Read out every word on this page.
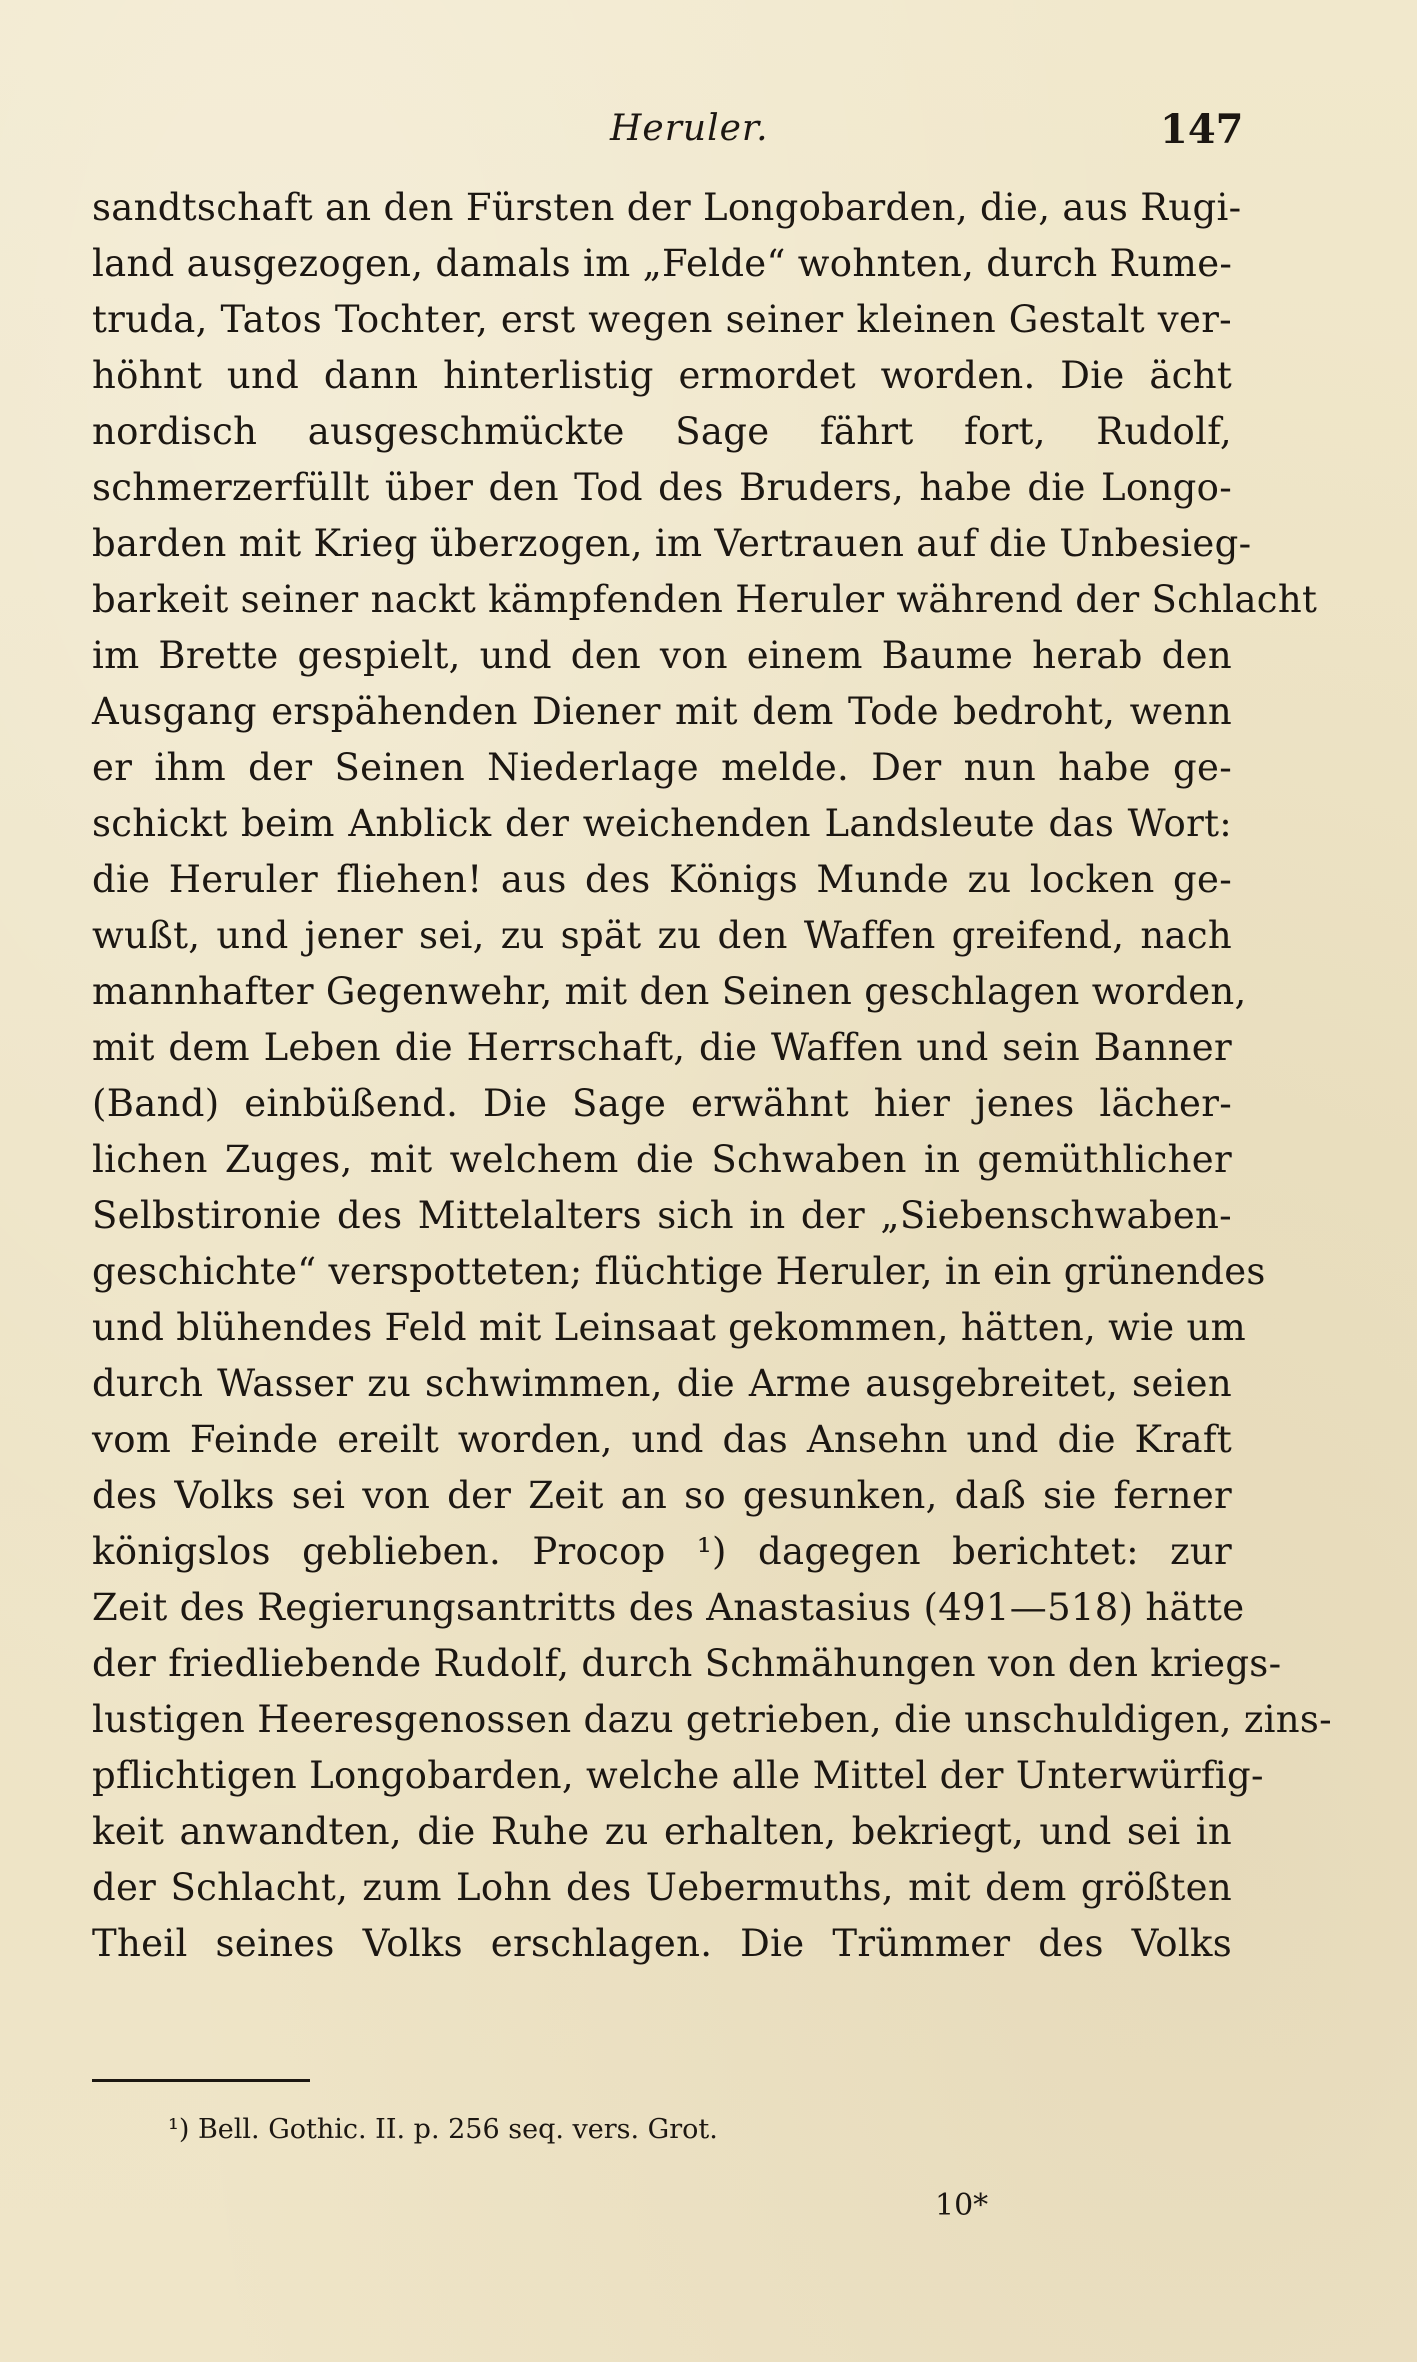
Heruler.	147
sandtschaft an den Fürsten der Longobarden, die, aus Rugi-
land ausgezogen, damals im „Felde“ wohnten, durch Rume-
truda, Tatos Tochter, erst wegen seiner kleinen Gestalt ver-
höhnt und dann hinterlistig ermordet worden. Die ächt
nordisch ausgeschmückte Sage fährt fort, Rudolf,
schmerzerfüllt über den Tod des Bruders, habe die Longo-
barden mit Krieg überzogen, im Vertrauen auf die Unbesieg-
barkeit seiner nackt kämpfenden Heruler während der Schlacht
im Brette gespielt, und den von einem Baume herab den
Ausgang erspähenden Diener mit dem Tode bedroht, wenn
er ihm der Seinen Niederlage melde. Der nun habe ge-
schickt beim Anblick der weichenden Landsleute das Wort:
die Heruler fliehen! aus des Königs Munde zu locken ge-
wußt, und jener sei, zu spät zu den Waffen greifend, nach
mannhafter Gegenwehr, mit den Seinen geschlagen worden,
mit dem Leben die Herrschaft, die Waffen und sein Banner
(Band) einbüßend. Die Sage erwähnt hier jenes lächer-
lichen Zuges, mit welchem die Schwaben in gemüthlicher
Selbstironie des Mittelalters sich in der „Siebenschwaben-
geschichte“ verspotteten; flüchtige Heruler, in ein grünendes
und blühendes Feld mit Leinsaat gekommen, hätten, wie um
durch Wasser zu schwimmen, die Arme ausgebreitet, seien
vom Feinde ereilt worden, und das Ansehn und die Kraft
des Volks sei von der Zeit an so gesunken, daß sie ferner
königslos geblieben. Procop ¹) dagegen berichtet: zur
Zeit des Regierungsantritts des Anastasius (491—518) hätte
der friedliebende Rudolf, durch Schmähungen von den kriegs-
lustigen Heeresgenossen dazu getrieben, die unschuldigen, zins-
pflichtigen Longobarden, welche alle Mittel der Unterwürfig-
keit anwandten, die Ruhe zu erhalten, bekriegt, und sei in
der Schlacht, zum Lohn des Uebermuths, mit dem größten
Theil seines Volks erschlagen. Die Trümmer des Volks
¹) Bell. Gothic. II. p. 256 seq. vers. Grot.
10*
